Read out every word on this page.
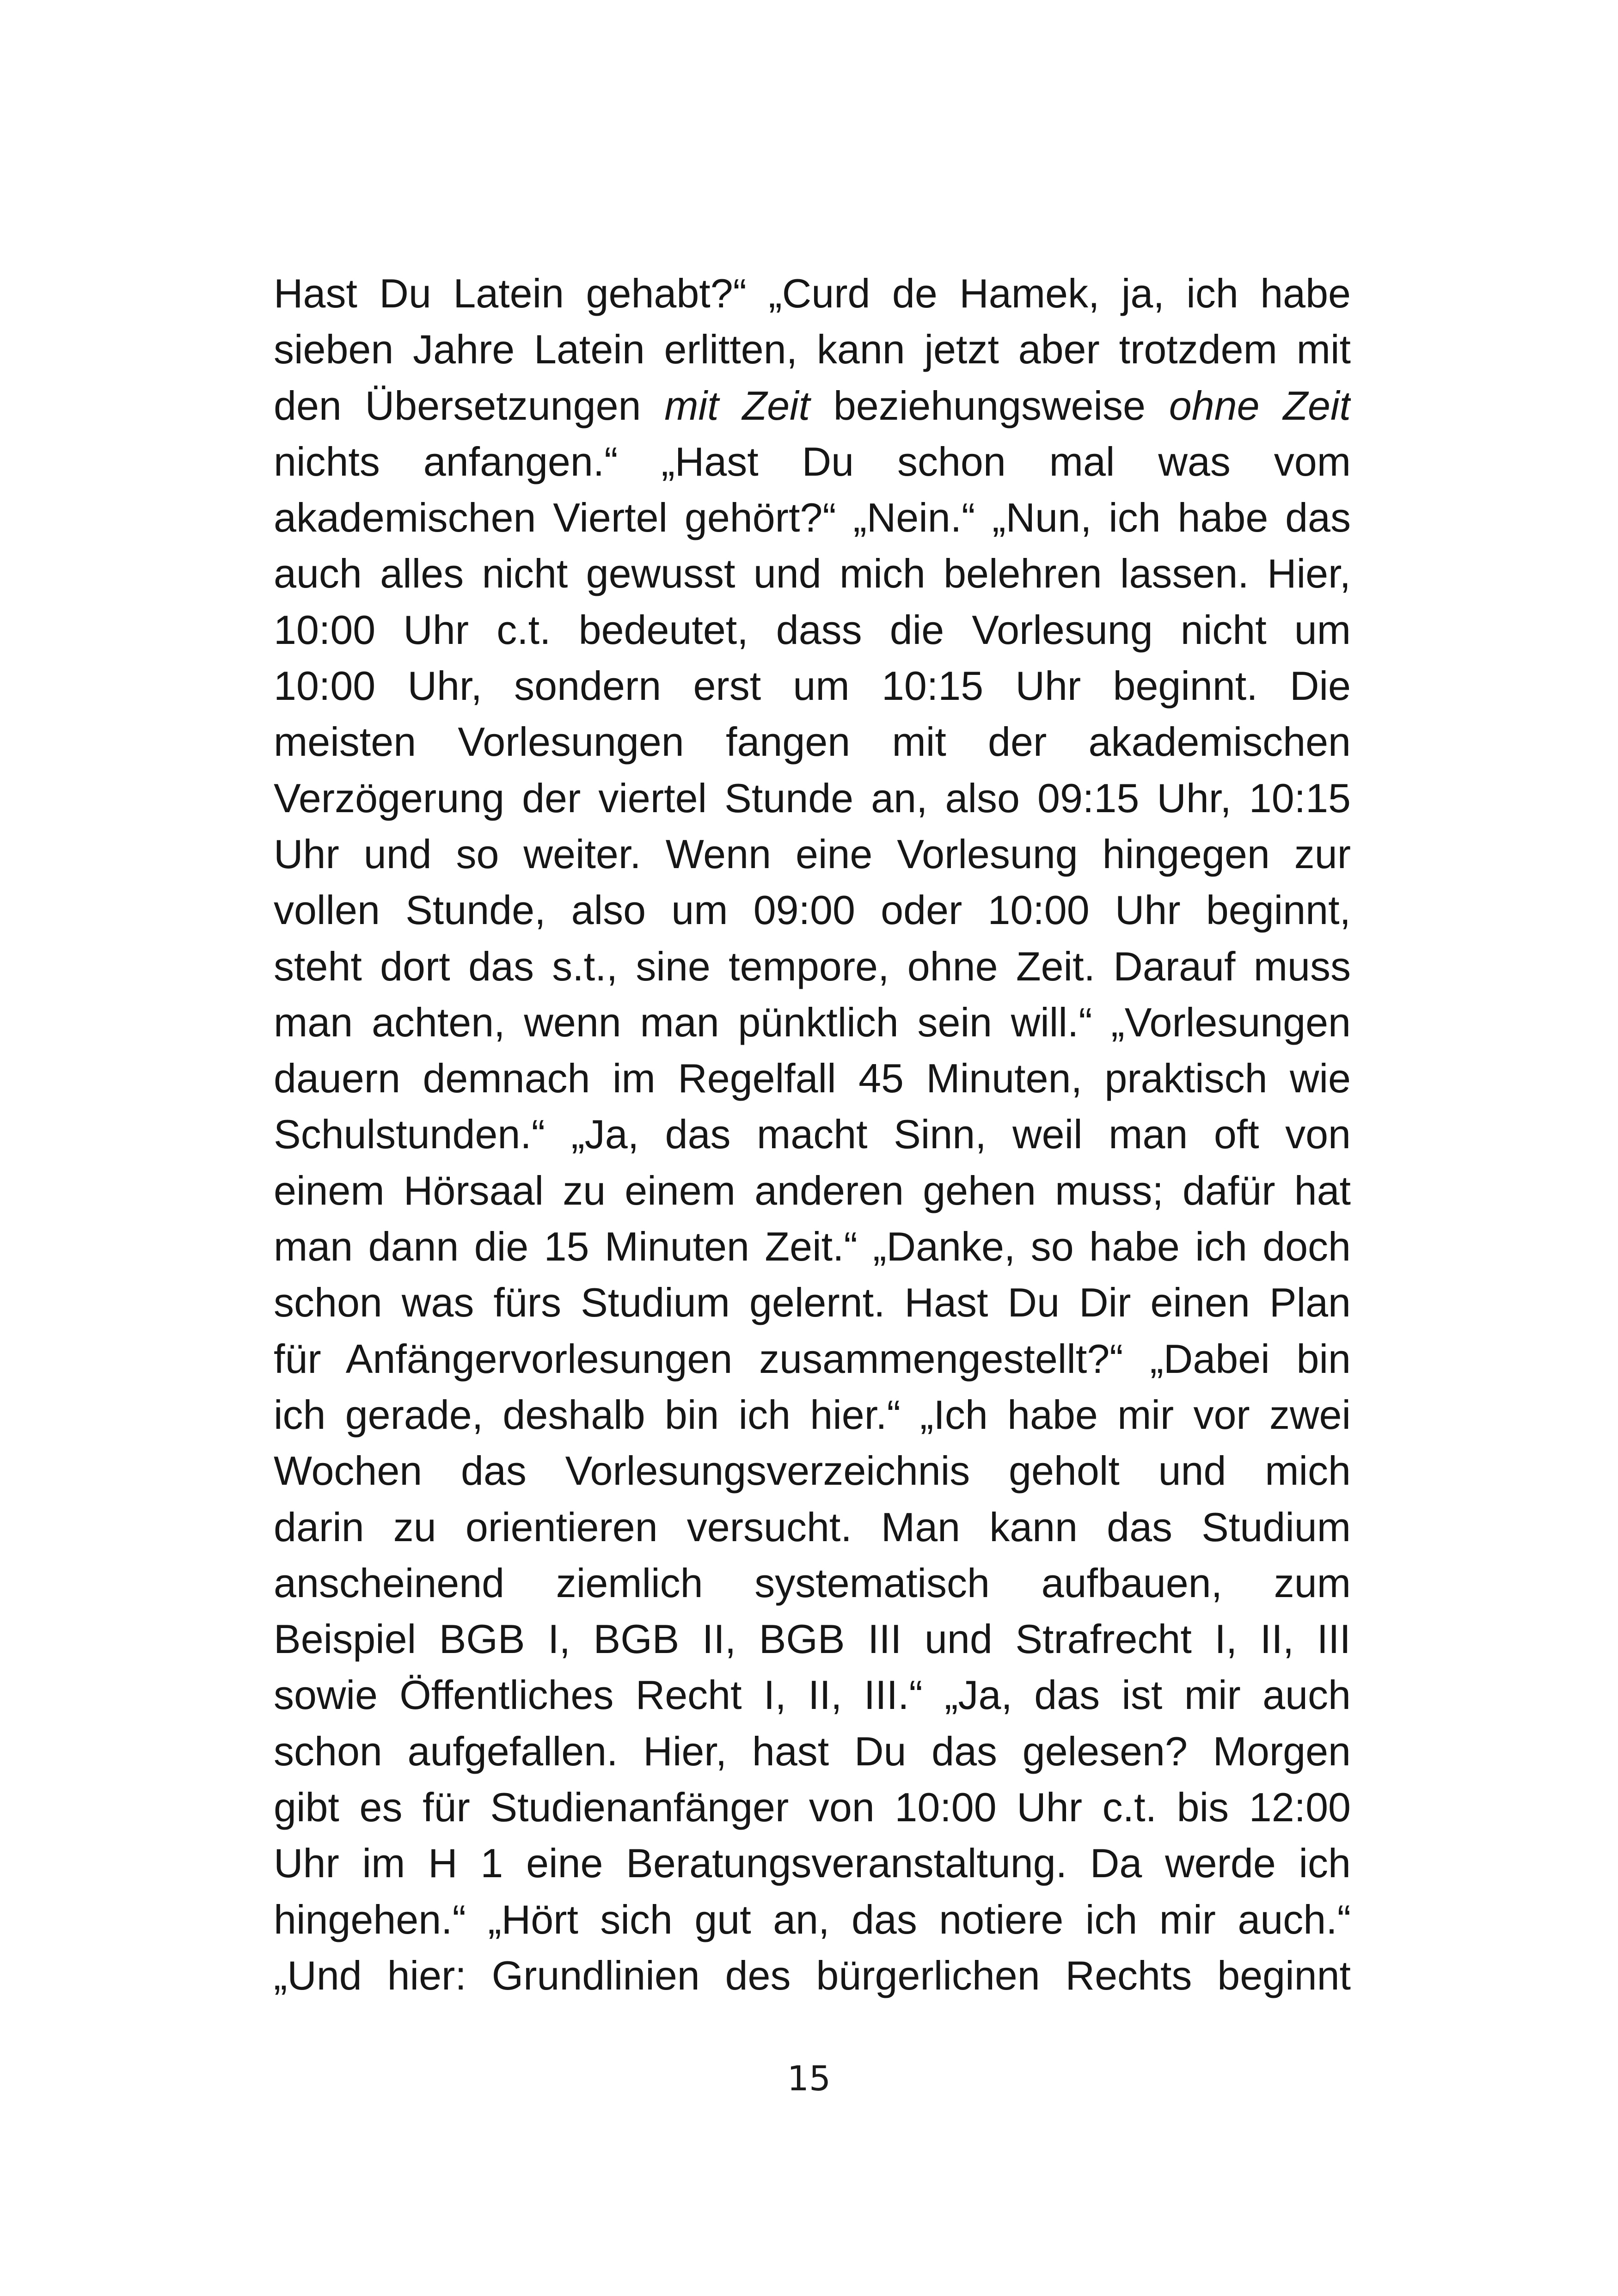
Hast Du Latein gehabt?“ „Curd de Hamek, ja, ich habe
sieben Jahre Latein erlitten, kann jetzt aber trotzdem mit
den Übersetzungen mit Zeit beziehungsweise ohne Zeit
nichts anfangen.“ „Hast Du schon mal was vom
akademischen Viertel gehört?“ „Nein.“ „Nun, ich habe das
auch alles nicht gewusst und mich belehren lassen. Hier,
10:00 Uhr c.t. bedeutet, dass die Vorlesung nicht um
10:00 Uhr, sondern erst um 10:15 Uhr beginnt. Die
meisten Vorlesungen fangen mit der akademischen
Verzögerung der viertel Stunde an, also 09:15 Uhr, 10:15
Uhr und so weiter. Wenn eine Vorlesung hingegen zur
vollen Stunde, also um 09:00 oder 10:00 Uhr beginnt,
steht dort das s.t., sine tempore, ohne Zeit. Darauf muss
man achten, wenn man pünktlich sein will.“ „Vorlesungen
dauern demnach im Regelfall 45 Minuten, praktisch wie
Schulstunden.“ „Ja, das macht Sinn, weil man oft von
einem Hörsaal zu einem anderen gehen muss; dafür hat
man dann die 15 Minuten Zeit.“ „Danke, so habe ich doch
schon was fürs Studium gelernt. Hast Du Dir einen Plan
für Anfängervorlesungen zusammengestellt?“ „Dabei bin
ich gerade, deshalb bin ich hier.“ „Ich habe mir vor zwei
Wochen das Vorlesungsverzeichnis geholt und mich
darin zu orientieren versucht. Man kann das Studium
anscheinend ziemlich systematisch aufbauen, zum
Beispiel BGB I, BGB II, BGB III und Strafrecht I, II, III
sowie Öffentliches Recht I, II, III.“ „Ja, das ist mir auch
schon aufgefallen. Hier, hast Du das gelesen? Morgen
gibt es für Studienanfänger von 10:00 Uhr c.t. bis 12:00
Uhr im H 1 eine Beratungsveranstaltung. Da werde ich
hingehen.“ „Hört sich gut an, das notiere ich mir auch.“
„Und hier: Grundlinien des bürgerlichen Rechts beginnt
15
